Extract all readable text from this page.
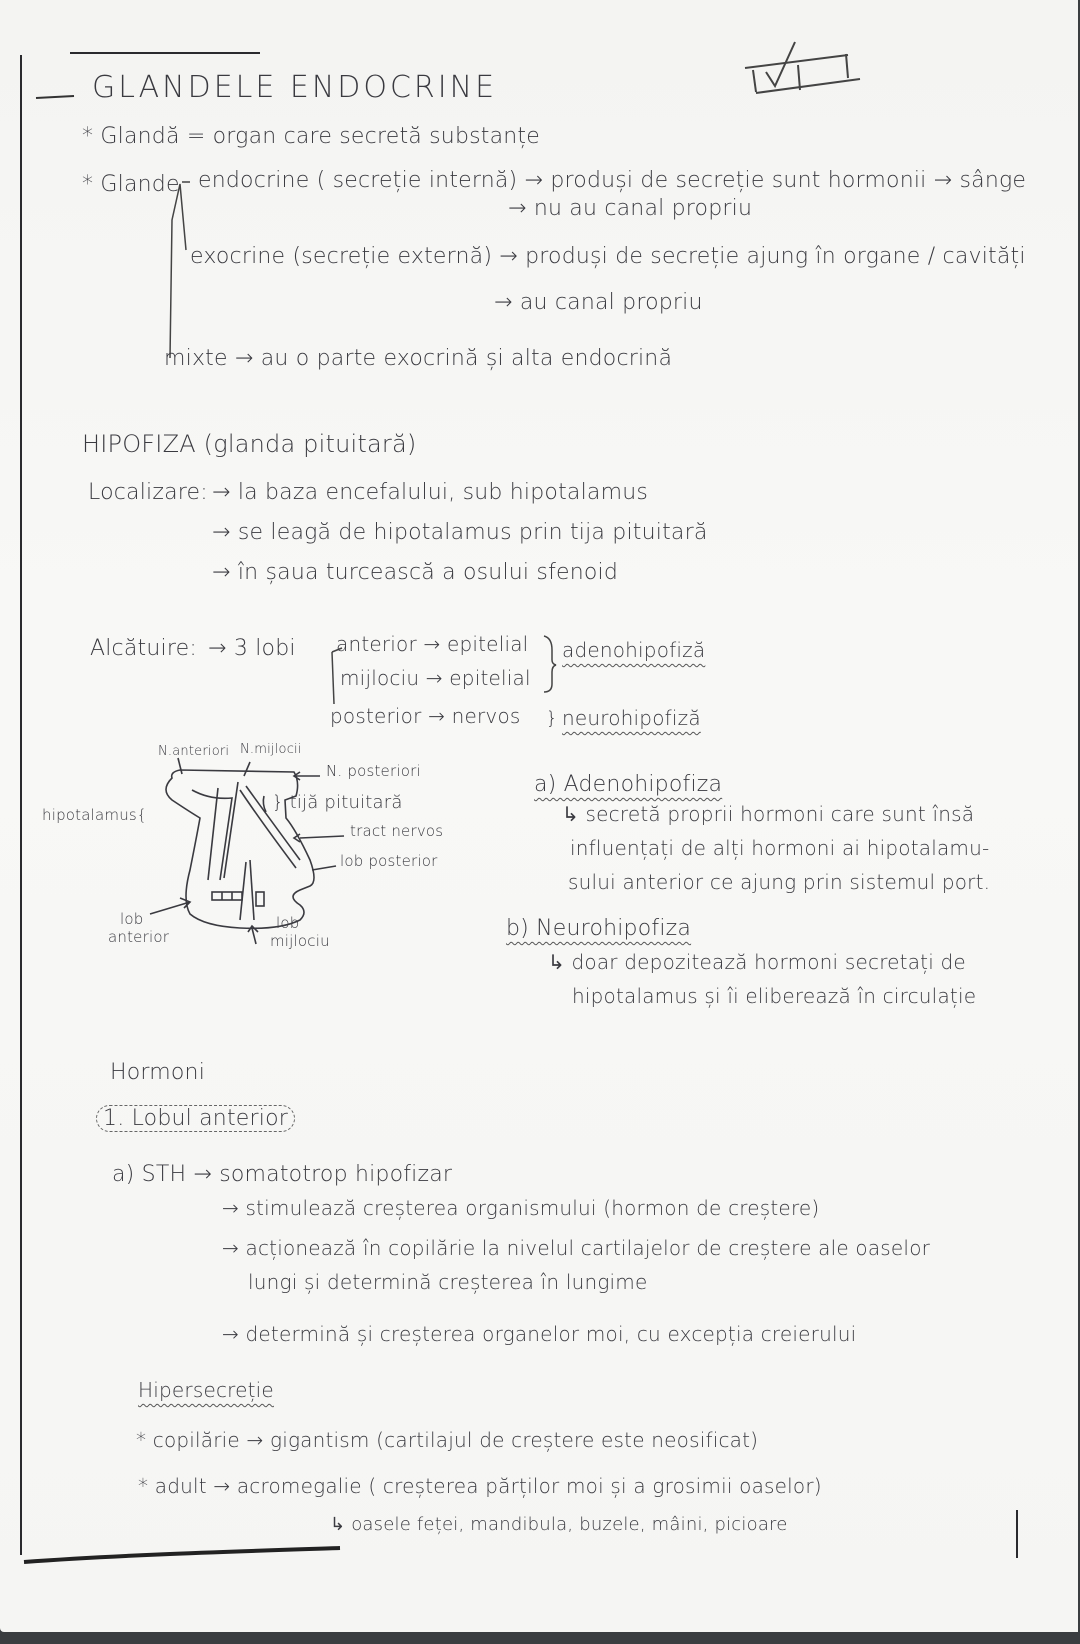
GLANDELE ENDOCRINE
* Glandă = organ care secretă substanțe
* Glande endocrine ( secreție internă) → produși de secreție sunt hormonii → sânge
→ nu au canal propriu
exocrine (secreție externă) → produși de secreție ajung în organe / cavități
→ au canal propriu
mixte → au o parte exocrină și alta endocrină
HIPOFIZA (glanda pituitară)
Localizare: → la baza encefalului, sub hipotalamus
→ se leagă de hipotalamus prin tija pituitară
→ în șaua turcească a osului sfenoid
Alcătuire: → 3 lobi anterior → epitelial
mijlociu → epitelial
posterior → nervos
adenohipofiză
} neurohipofiză
N.anteriori N.mijlocii
N. posteriori
hipotalamus{
} tijă pituitară
tract nervos
lob posterior
lob
anterior
lob
mijlociu
a) Adenohipofiza
↳ secretă proprii hormoni care sunt însă
influențați de alți hormoni ai hipotalamu-
sului anterior ce ajung prin sistemul port.
b) Neurohipofiza
↳ doar depozitează hormoni secretați de
hipotalamus și îi eliberează în circulație
Hormoni
1. Lobul anterior
a) STH → somatotrop hipofizar
→ stimulează creșterea organismului (hormon de creștere)
→ acționează în copilărie la nivelul cartilajelor de creștere ale oaselor
lungi și determină creșterea în lungime
→ determină și creșterea organelor moi, cu excepția creierului
Hipersecreție
* copilărie → gigantism (cartilajul de creștere este neosificat)
* adult → acromegalie ( creșterea părților moi și a grosimii oaselor)
↳ oasele feței, mandibula, buzele, mâini, picioare
